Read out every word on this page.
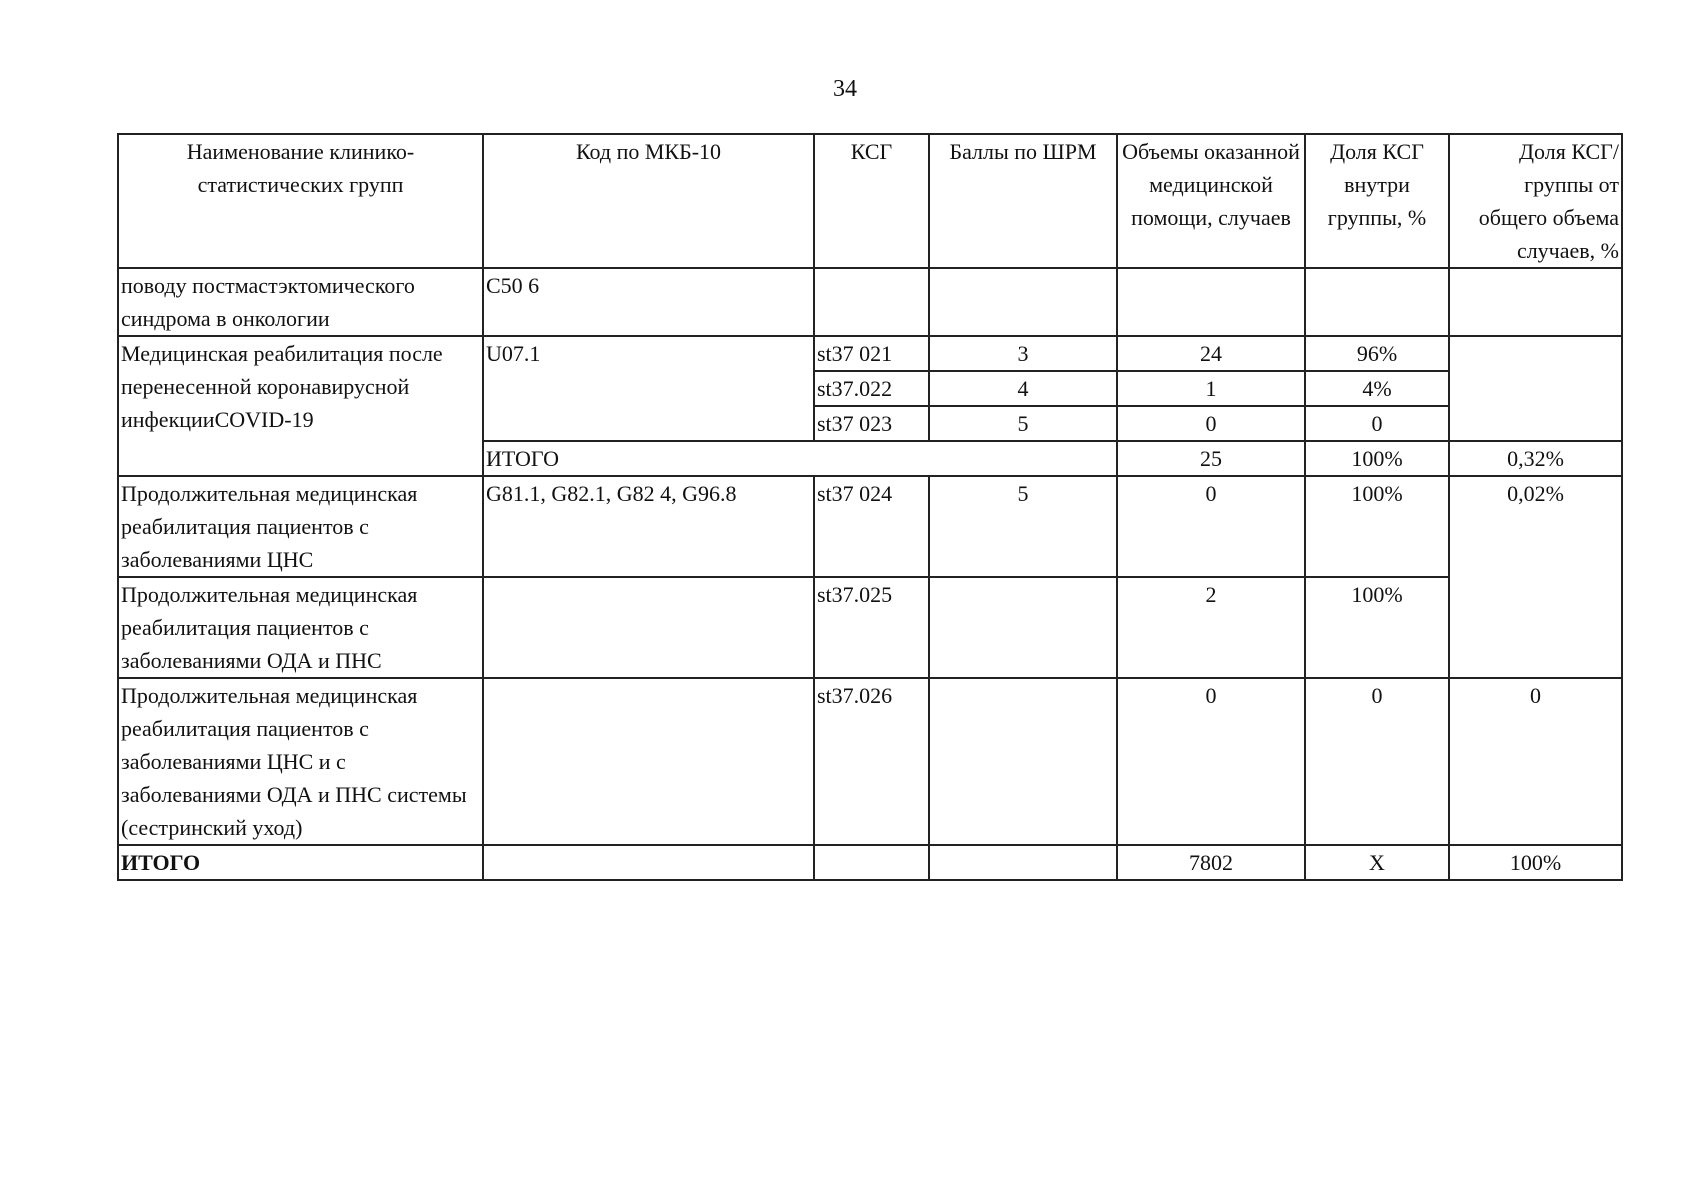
34
Наименование клинико-статистических групп	Код по МКБ-10	КСГ	Баллы по ШРМ	Объемы оказанной медицинской помощи, случаев	Доля КСГ внутри группы, %	Доля КСГ/группы от общего объема случаев, %
поводу постмастэктомического синдрома в онкологии	C50 6					
Медицинская реабилитация после перенесенной коронавирусной инфекцииCOVID-19	U07.1	st37 021	3	24	96%	
		st37.022	4	1	4%	
		st37 023	5	0	0	
	ИТОГО			25	100%	0,32%
Продолжительная медицинская реабилитация пациентов с заболеваниями ЦНС	G81.1, G82.1, G82 4, G96.8	st37 024	5	0	100%	0,02%
Продолжительная медицинская реабилитация пациентов с заболеваниями ОДА и ПНС		st37.025		2	100%	
Продолжительная медицинская реабилитация пациентов с заболеваниями ЦНС и с заболеваниями ОДА и ПНС системы (сестринский уход)		st37.026		0	0	0
ИТОГО				7802	X	100%
